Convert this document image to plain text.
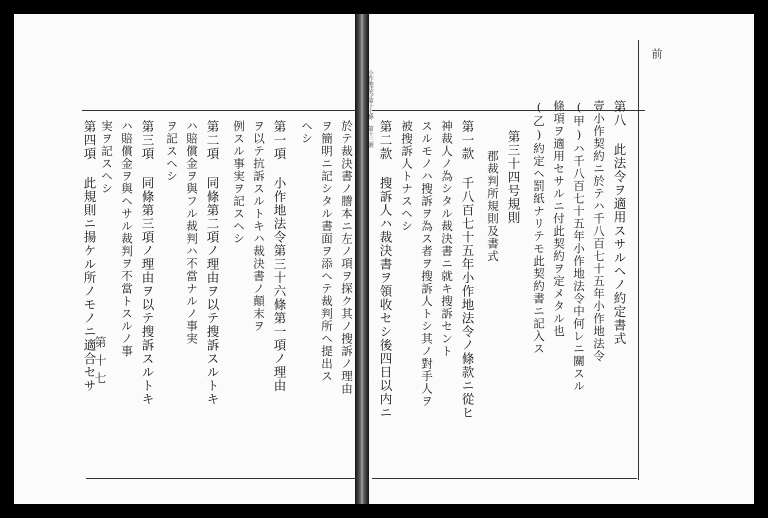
小作地法令第十七條 第十三號
前
第十七	於テ裁決書ノ謄本ニ左ノ項ヲ探ク其ノ搜訴ノ理由
ヲ簡明ニ記シタル書面ヲ添ヘテ裁判所ヘ提出ス
ヘシ
第一項 小作地法令第三十六條第一項ノ理由
ヲ以テ抗訴スルトキハ裁決書ノ顛末ヲ
例スル事実ヲ記スヘシ
第二項 同條第二項ノ理由ヲ以テ搜訴スルトキ
ハ賠償金ヲ與フル裁判ハ不當ナルノ事実
ヲ記スヘシ
第三項 同條第三項ノ理由ヲ以テ搜訴スルトキ
ハ賠償金ヲ與ヘサル裁判ヲ不當トスルノ事
実ヲ記スヘシ
第四項 此規則ニ揚ケル所ノモノニ適合セサ	第八 此法令ヲ適用スサルヘノ約定書式
壹小作契約ニ於テハ千八百七十五年小作地法令
(甲)ハ千八百七十五年小作地法令中何レニ關スル
條項ヲ適用セサルニ付此契約ヲ定メタル也
(乙)約定ヘ罰紙ナリテモ此契約書ニ記入ス
第三十四号規則
郡裁判所規則及書式
第一款 千八百七十五年小作地法令ノ條款ニ從ヒ
神裁人ノ為シタル裁決書ニ就キ搜訴セント
スルモノハ搜訴ヲ為ス者ヲ搜訴人トシ其ノ對手人ヲ
被搜訴人トナスヘシ
第二款 搜訴人ハ裁決書ヲ領收セシ後四日以内ニ
